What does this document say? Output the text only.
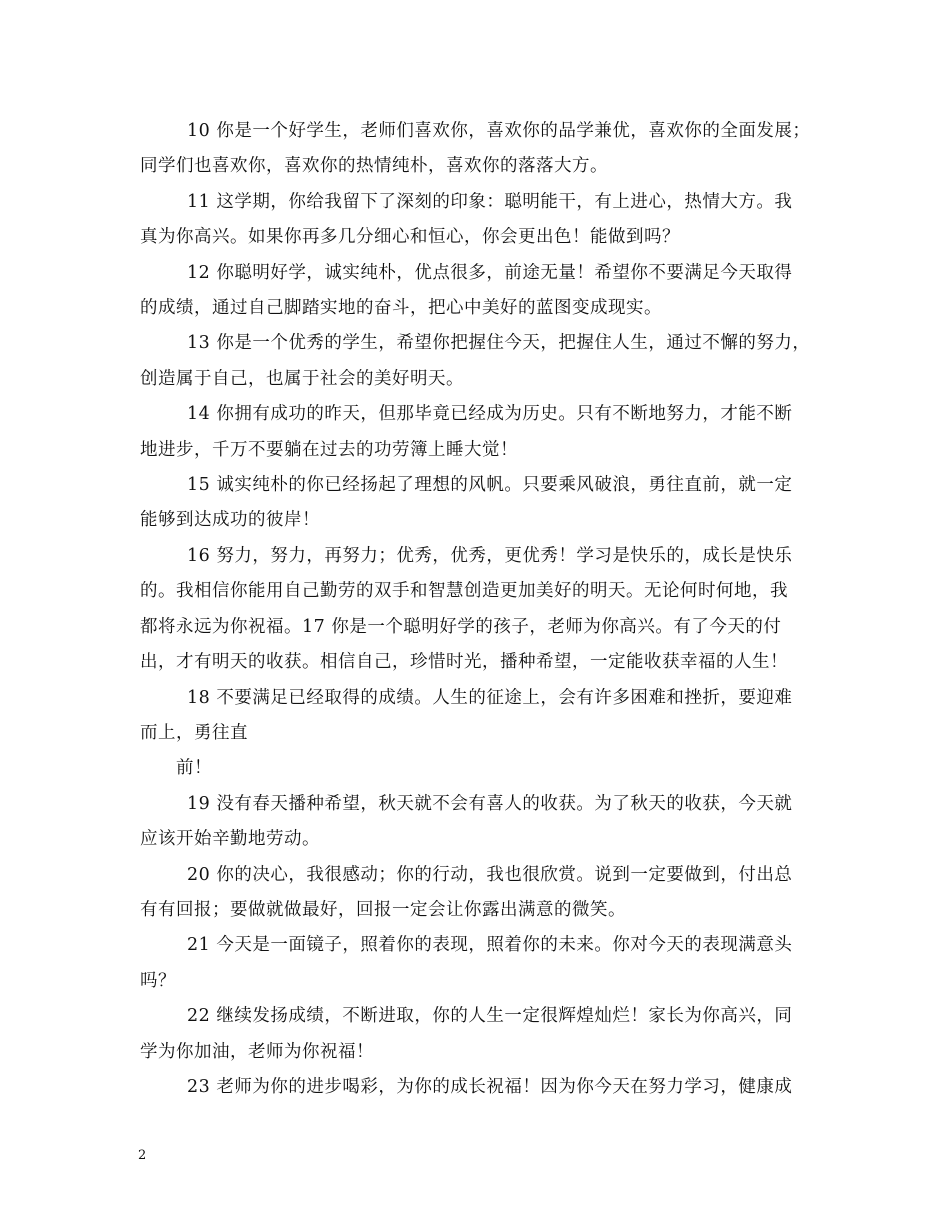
10 你是一个好学生，老师们喜欢你，喜欢你的品学兼优，喜欢你的全面发展；
同学们也喜欢你，喜欢你的热情纯朴，喜欢你的落落大方。

11 这学期，你给我留下了深刻的印象：聪明能干，有上进心，热情大方。我
真为你高兴。如果你再多几分细心和恒心，你会更出色！能做到吗？

12 你聪明好学，诚实纯朴，优点很多，前途无量！希望你不要满足今天取得
的成绩，通过自己脚踏实地的奋斗，把心中美好的蓝图变成现实。

13 你是一个优秀的学生，希望你把握住今天，把握住人生，通过不懈的努力，
创造属于自己，也属于社会的美好明天。

14 你拥有成功的昨天，但那毕竟已经成为历史。只有不断地努力，才能不断
地进步，千万不要躺在过去的功劳簿上睡大觉！

15 诚实纯朴的你已经扬起了理想的风帆。只要乘风破浪，勇往直前，就一定
能够到达成功的彼岸！

16 努力，努力，再努力；优秀，优秀，更优秀！学习是快乐的，成长是快乐
的。我相信你能用自己勤劳的双手和智慧创造更加美好的明天。无论何时何地，我
都将永远为你祝福。17 你是一个聪明好学的孩子，老师为你高兴。有了今天的付
出，才有明天的收获。相信自己，珍惜时光，播种希望，一定能收获幸福的人生！

18 不要满足已经取得的成绩。人生的征途上，会有许多困难和挫折，要迎难
而上，勇往直

前！

19 没有春天播种希望，秋天就不会有喜人的收获。为了秋天的收获，今天就
应该开始辛勤地劳动。

20 你的决心，我很感动；你的行动，我也很欣赏。说到一定要做到，付出总
有有回报；要做就做最好，回报一定会让你露出满意的微笑。

21 今天是一面镜子，照着你的表现，照着你的未来。你对今天的表现满意头
吗？

22 继续发扬成绩，不断进取，你的人生一定很辉煌灿烂！家长为你高兴，同
学为你加油，老师为你祝福！

23 老师为你的进步喝彩，为你的成长祝福！因为你今天在努力学习，健康成

2
